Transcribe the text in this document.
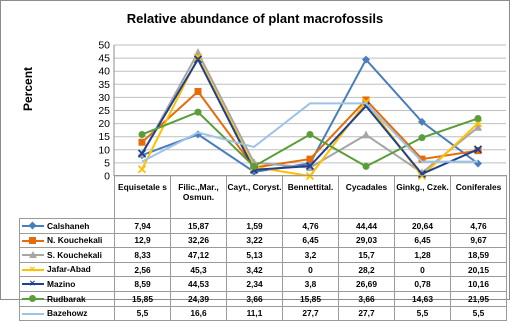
Relative abundance of plant macrofossils
Percent
0
5
10
15
20
25
30
35
40
45
50
	Equisetale s	Filic.,Mar., Osmun.	Cayt., Coryst.	Bennettital.	Cycadales	Ginkg., Czek.	Coniferales

Calshaneh	7,94	15,87	1,59	4,76	44,44	20,64	4,76

N. Kouchekali	12,9	32,26	3,22	6,45	29,03	6,45	9,67

S. Kouchekali	8,33	47,12	5,13	3,2	15,7	1,28	18,59

✕ Jafar-Abad	2,56	45,3	3,42	0	28,2	0	20,15

✕ Mazino	8,59	44,53	2,34	3,8	26,69	0,78	10,16

Rudbarak	15,85	24,39	3,66	15,85	3,66	14,63	21,95

Bazehowz	5,5	16,6	11,1	27,7	27,7	5,5	5,5
